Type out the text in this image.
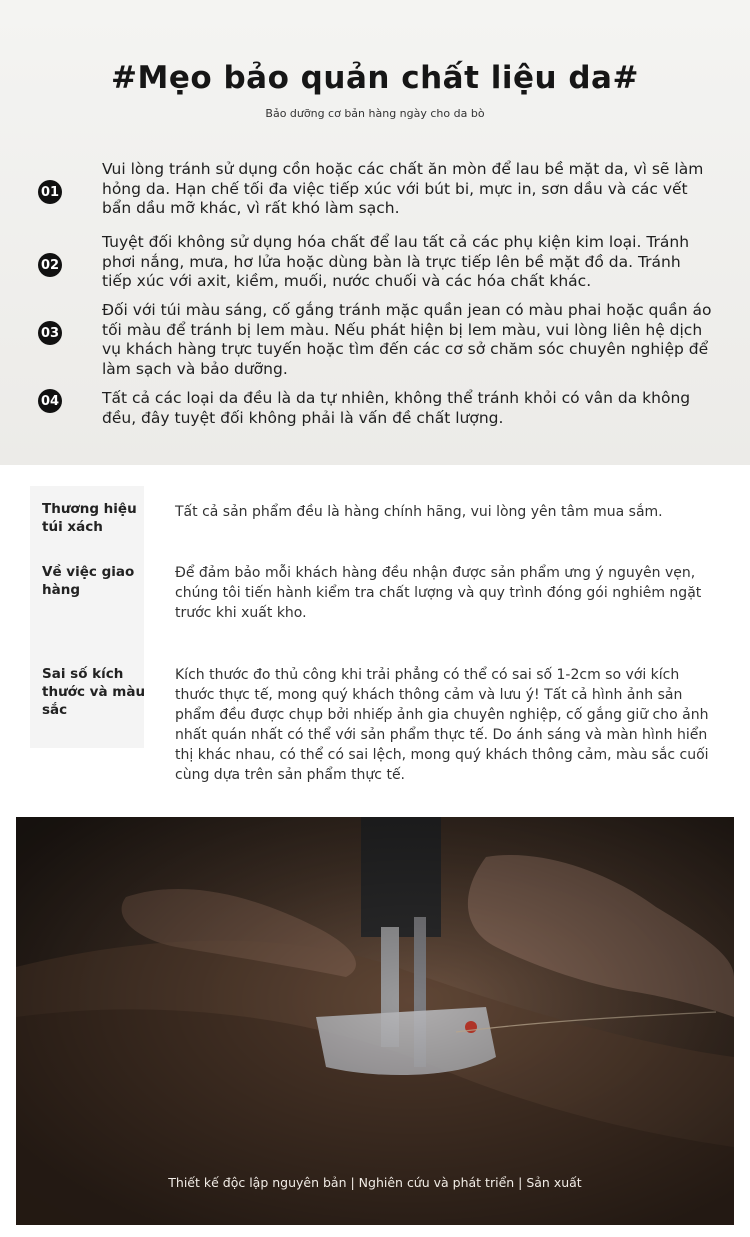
#Mẹo bảo quản chất liệu da#
Bảo dưỡng cơ bản hàng ngày cho da bò
01
Vui lòng tránh sử dụng cồn hoặc các chất ăn mòn để lau bề mặt da, vì sẽ làm hỏng da. Hạn chế tối đa việc tiếp xúc với bút bi, mực in, sơn dầu và các vết bẩn dầu mỡ khác, vì rất khó làm sạch.
02
Tuyệt đối không sử dụng hóa chất để lau tất cả các phụ kiện kim loại. Tránh phơi nắng, mưa, hơ lửa hoặc dùng bàn là trực tiếp lên bề mặt đồ da. Tránh tiếp xúc với axit, kiềm, muối, nước chuối và các hóa chất khác.
03
Đối với túi màu sáng, cố gắng tránh mặc quần jean có màu phai hoặc quần áo tối màu để tránh bị lem màu. Nếu phát hiện bị lem màu, vui lòng liên hệ dịch vụ khách hàng trực tuyến hoặc tìm đến các cơ sở chăm sóc chuyên nghiệp để làm sạch và bảo dưỡng.
04	Tất cả các loại da đều là da tự nhiên, không thể tránh khỏi có vân da không đều, đây tuyệt đối không phải là vấn đề chất lượng.
Thương hiệu túi xách
Tất cả sản phẩm đều là hàng chính hãng, vui lòng yên tâm mua sắm.
Về việc giao hàng
Để đảm bảo mỗi khách hàng đều nhận được sản phẩm ưng ý nguyên vẹn, chúng tôi tiến hành kiểm tra chất lượng và quy trình đóng gói nghiêm ngặt trước khi xuất kho.
Sai số kích thước và màu sắc
Kích thước đo thủ công khi trải phẳng có thể có sai số 1-2cm so với kích thước thực tế, mong quý khách thông cảm và lưu ý! Tất cả hình ảnh sản phẩm đều được chụp bởi nhiếp ảnh gia chuyên nghiệp, cố gắng giữ cho ảnh nhất quán nhất có thể với sản phẩm thực tế. Do ánh sáng và màn hình hiển thị khác nhau, có thể có sai lệch, mong quý khách thông cảm, màu sắc cuối cùng dựa trên sản phẩm thực tế.
Thiết kế độc lập nguyên bản | Nghiên cứu và phát triển | Sản xuất
